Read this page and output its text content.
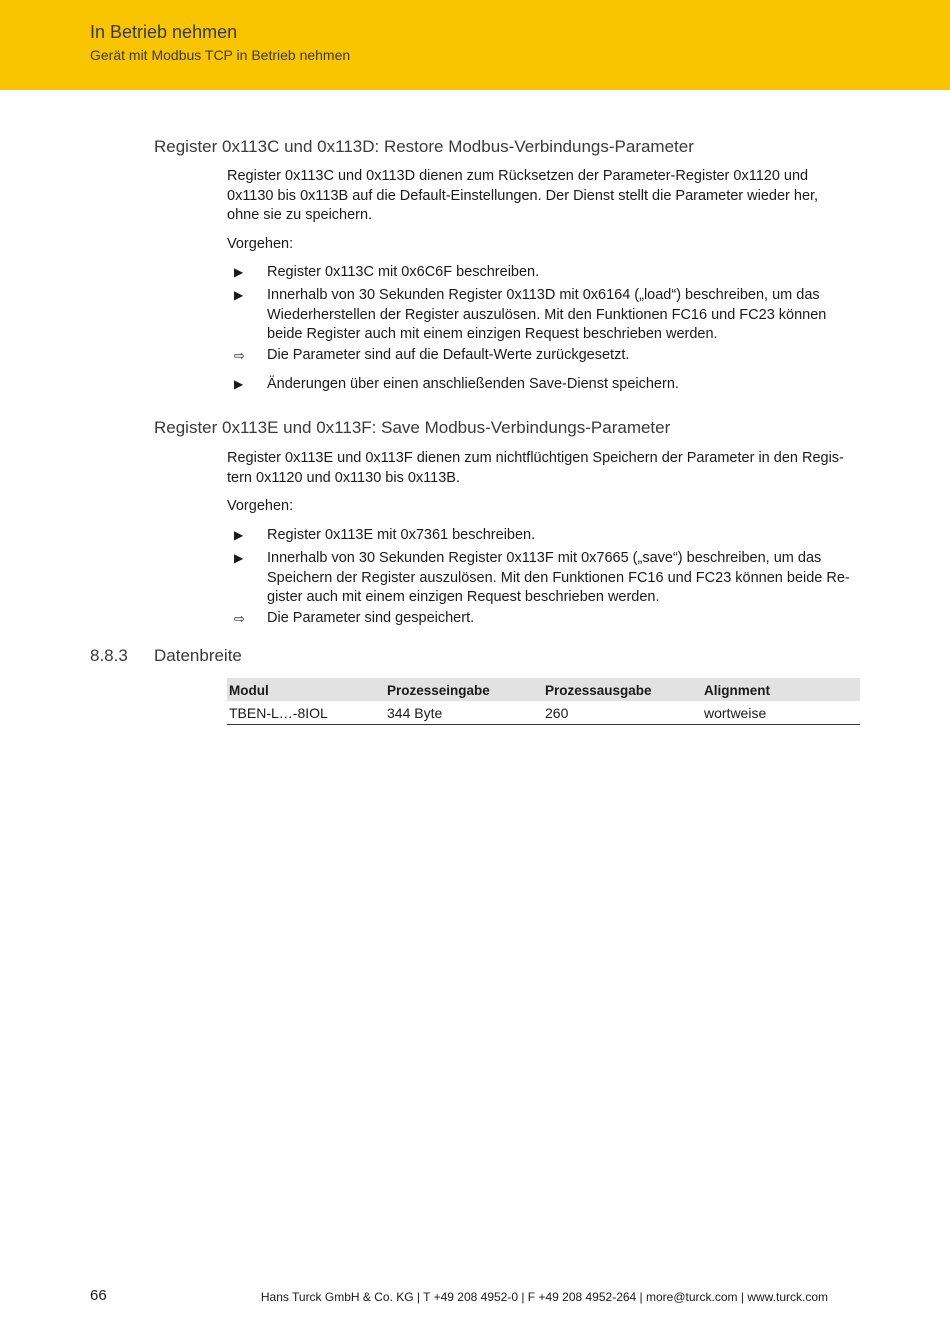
In Betrieb nehmen
Gerät mit Modbus TCP in Betrieb nehmen
Register 0x113C und 0x113D: Restore Modbus-Verbindungs-Parameter
Register 0x113C und 0x113D dienen zum Rücksetzen der Parameter-Register 0x1120 und
0x1130 bis 0x113B auf die Default-Einstellungen. Der Dienst stellt die Parameter wieder her,
ohne sie zu speichern.
Vorgehen:
▶ Register 0x113C mit 0x6C6F beschreiben.
▶ Innerhalb von 30 Sekunden Register 0x113D mit 0x6164 („load“) beschreiben, um das
Wiederherstellen der Register auszulösen. Mit den Funktionen FC16 und FC23 können
beide Register auch mit einem einzigen Request beschrieben werden.
⇨ Die Parameter sind auf die Default-Werte zurückgesetzt.
▶ Änderungen über einen anschließenden Save-Dienst speichern.
Register 0x113E und 0x113F: Save Modbus-Verbindungs-Parameter
Register 0x113E und 0x113F dienen zum nichtflüchtigen Speichern der Parameter in den Regis-
tern 0x1120 und 0x1130 bis 0x113B.
Vorgehen:
▶ Register 0x113E mit 0x7361 beschreiben.
▶ Innerhalb von 30 Sekunden Register 0x113F mit 0x7665 („save“) beschreiben, um das
Speichern der Register auszulösen. Mit den Funktionen FC16 und FC23 können beide Re-
gister auch mit einem einzigen Request beschrieben werden.
⇨ Die Parameter sind gespeichert.
8.8.3 Datenbreite
Modul	Prozesseingabe	Prozessausgabe	Alignment
TBEN-L…-8IOL	344 Byte	260	wortweise
66	Hans Turck GmbH & Co. KG | T +49 208 4952-0 | F +49 208 4952-264 | more@turck.com | www.turck.com
